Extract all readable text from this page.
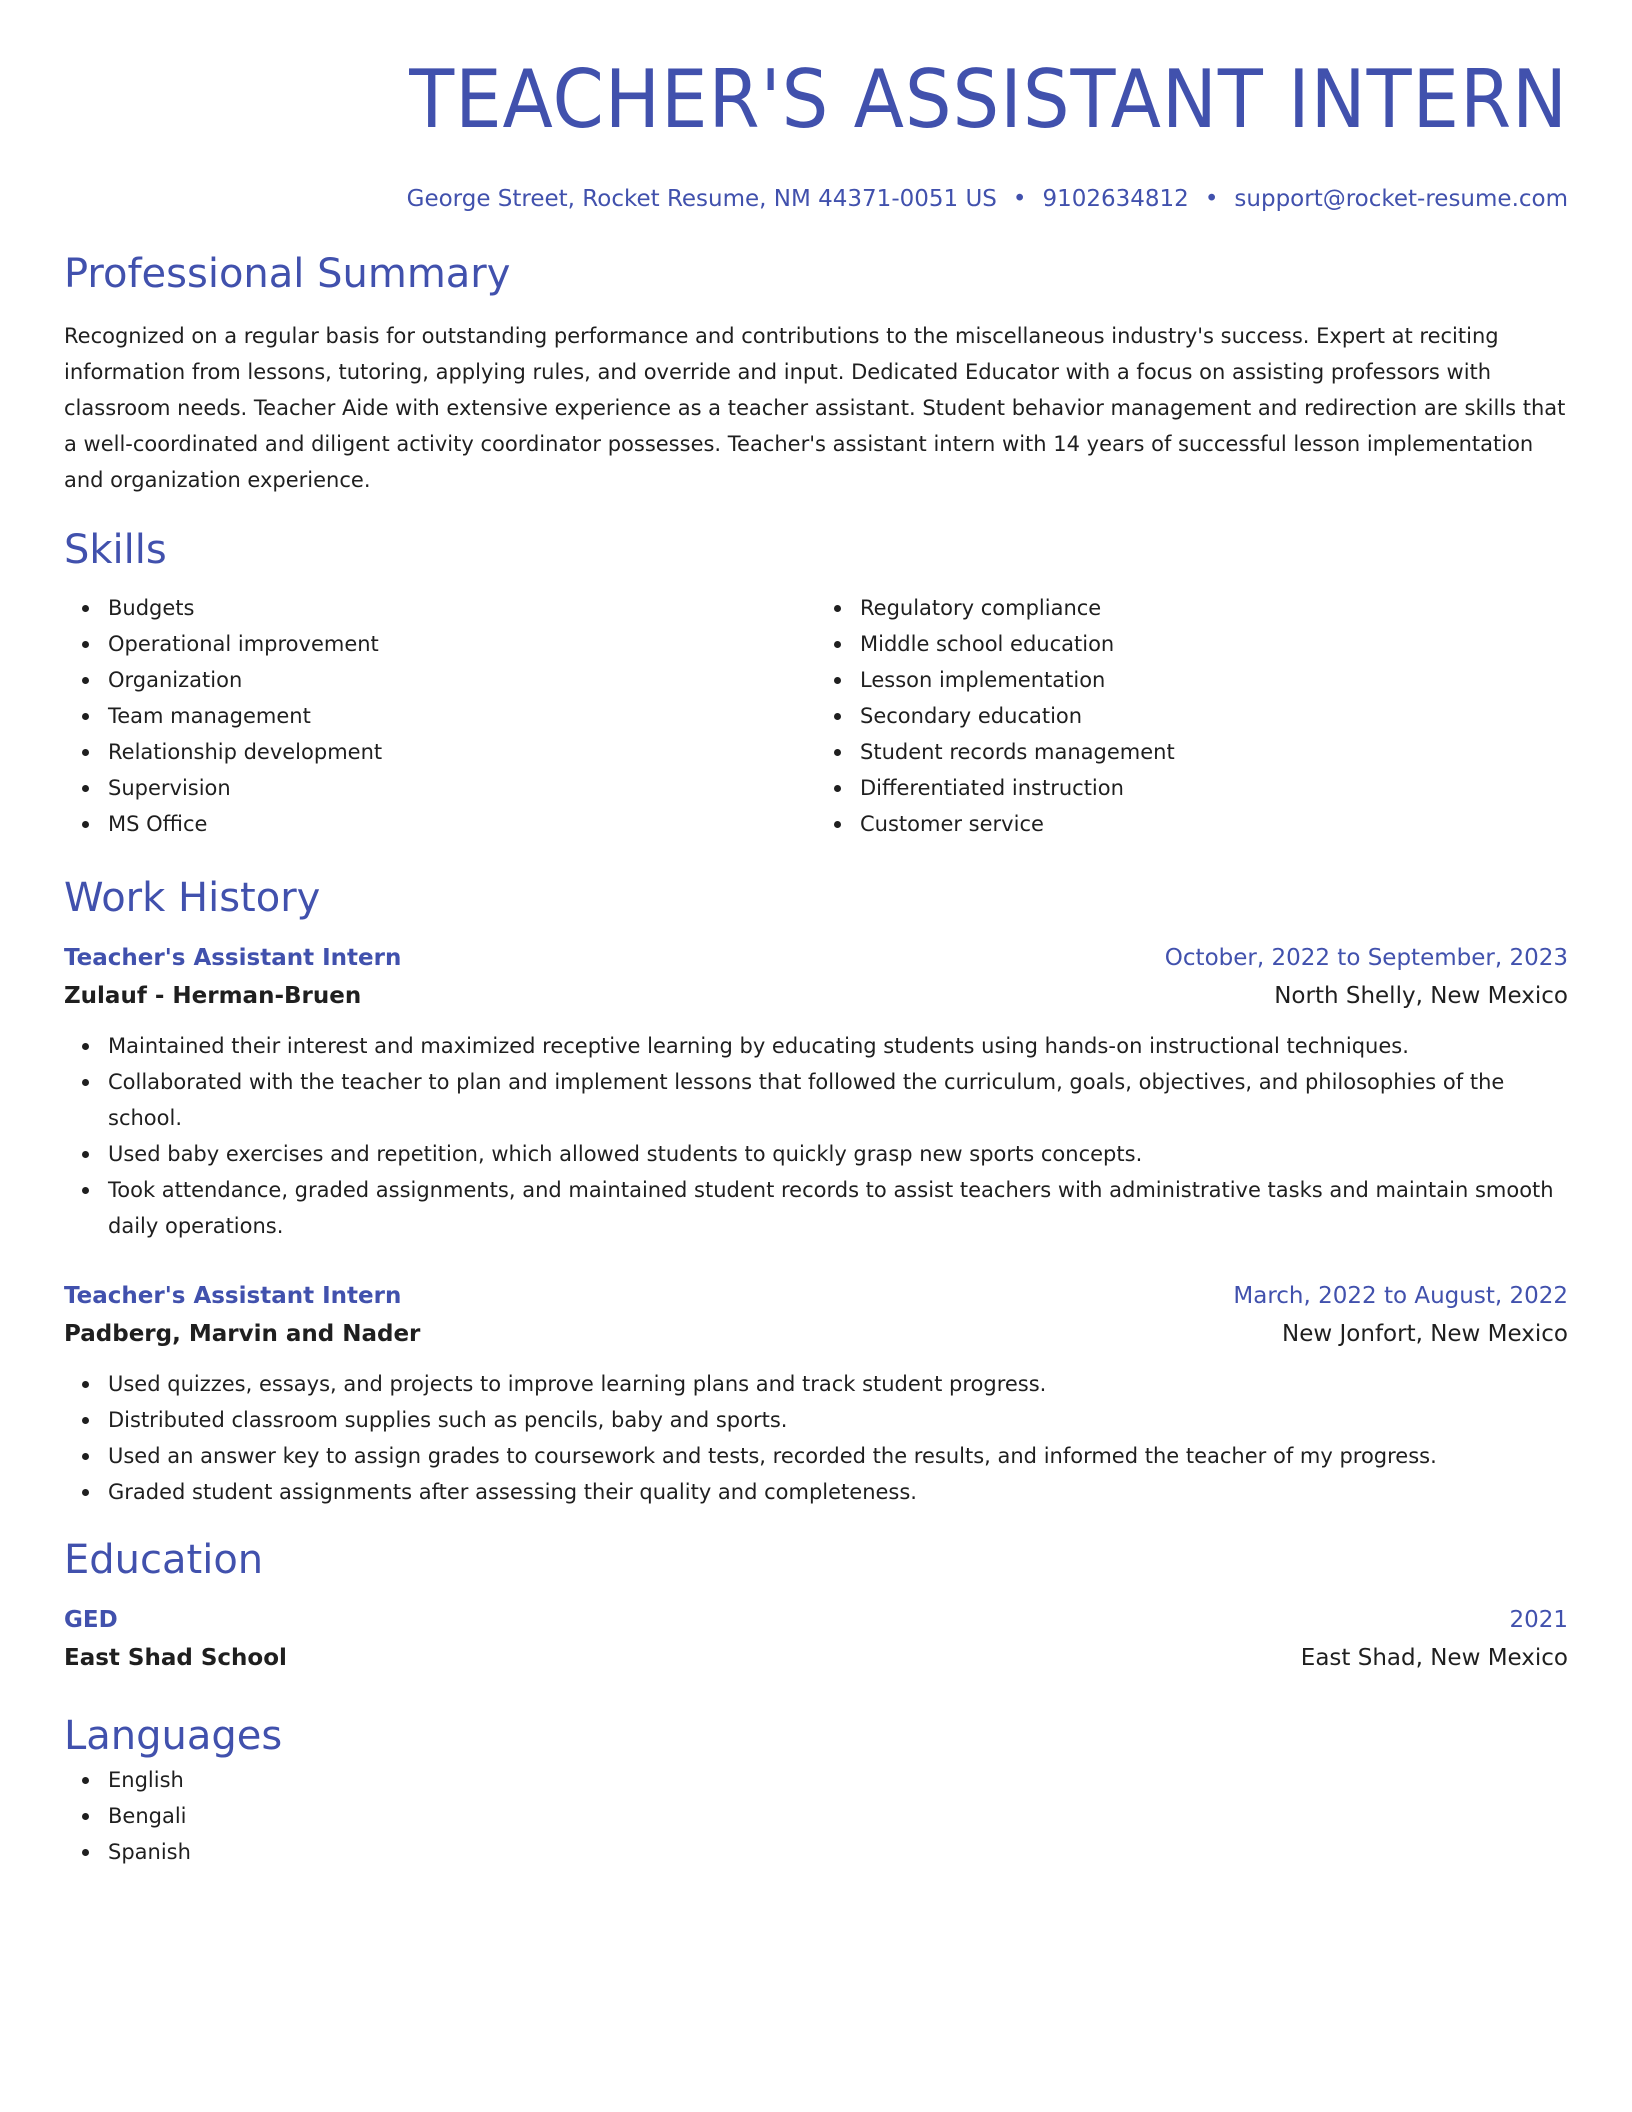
TEACHER'S ASSISTANT INTERN
George Street, Rocket Resume, NM 44371-0051 US • 9102634812 • support@rocket-resume.com
Professional Summary
Recognized on a regular basis for outstanding performance and contributions to the miscellaneous industry's success. Expert at reciting information from lessons, tutoring, applying rules, and override and input. Dedicated Educator with a focus on assisting professors with classroom needs. Teacher Aide with extensive experience as a teacher assistant. Student behavior management and redirection are skills that a well-coordinated and diligent activity coordinator possesses. Teacher's assistant intern with 14 years of successful lesson implementation and organization experience.
Skills
Budgets
Operational improvement
Organization
Team management
Relationship development
Supervision
MS Office
Regulatory compliance
Middle school education
Lesson implementation
Secondary education
Student records management
Differentiated instruction
Customer service
Work History
Teacher's Assistant Intern	October, 2022 to September, 2023
Zulauf - Herman-Bruen	North Shelly, New Mexico
Maintained their interest and maximized receptive learning by educating students using hands-on instructional techniques.
Collaborated with the teacher to plan and implement lessons that followed the curriculum, goals, objectives, and philosophies of the school.
Used baby exercises and repetition, which allowed students to quickly grasp new sports concepts.
Took attendance, graded assignments, and maintained student records to assist teachers with administrative tasks and maintain smooth daily operations.
Teacher's Assistant Intern	March, 2022 to August, 2022
Padberg, Marvin and Nader	New Jonfort, New Mexico
Used quizzes, essays, and projects to improve learning plans and track student progress.
Distributed classroom supplies such as pencils, baby and sports.
Used an answer key to assign grades to coursework and tests, recorded the results, and informed the teacher of my progress.
Graded student assignments after assessing their quality and completeness.
Education
GED	2021
East Shad School	East Shad, New Mexico
Languages
English
Bengali
Spanish
